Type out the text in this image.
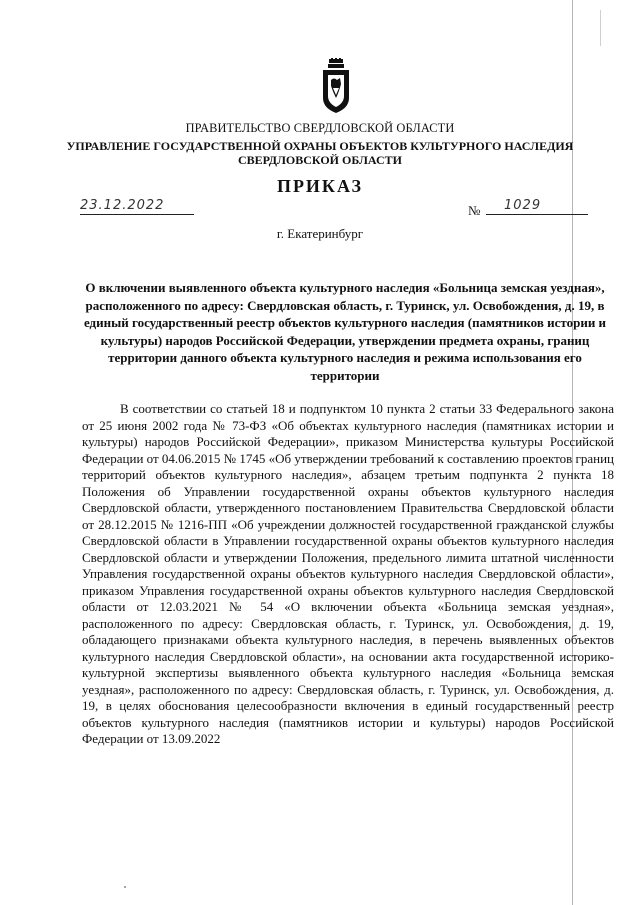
ПРАВИТЕЛЬСТВО СВЕРДЛОВСКОЙ ОБЛАСТИ
УПРАВЛЕНИЕ ГОСУДАРСТВЕННОЙ ОХРАНЫ ОБЪЕКТОВ КУЛЬТУРНОГО НАСЛЕДИЯ
СВЕРДЛОВСКОЙ ОБЛАСТИ
ПРИКАЗ
23.12.2022	№ 1029
г. Екатеринбург
О включении выявленного объекта культурного наследия «Больница земская уездная», расположенного по адресу: Свердловская область, г. Туринск, ул. Освобождения, д. 19, в единый государственный реестр объектов культурного наследия (памятников истории и культуры) народов Российской Федерации, утверждении предмета охраны, границ территории данного объекта культурного наследия и режима использования его территории
В соответствии со статьей 18 и подпунктом 10 пункта 2 статьи 33 Федерального закона от 25 июня 2002 года № 73-ФЗ «Об объектах культурного наследия (памятниках истории и культуры) народов Российской Федерации», приказом Министерства культуры Российской Федерации от 04.06.2015 № 1745 «Об утверждении требований к составлению проектов границ территорий объектов культурного наследия», абзацем третьим подпункта 2 пункта 18 Положения об Управлении государственной охраны объектов культурного наследия Свердловской области, утвержденного постановлением Правительства Свердловской области от 28.12.2015 № 1216-ПП «Об учреждении должностей государственной гражданской службы Свердловской области в Управлении государственной охраны объектов культурного наследия Свердловской области и утверждении Положения, предельного лимита штатной численности Управления государственной охраны объектов культурного наследия Свердловской области», приказом Управления государственной охраны объектов культурного наследия Свердловской области от 12.03.2021 № 54 «О включении объекта «Больница земская уездная», расположенного по адресу: Свердловская область, г. Туринск, ул. Освобождения, д. 19, обладающего признаками объекта культурного наследия, в перечень выявленных объектов культурного наследия Свердловской области», на основании акта государственной историко-культурной экспертизы выявленного объекта культурного наследия «Больница земская уездная», расположенного по адресу: Свердловская область, г. Туринск, ул. Освобождения, д. 19, в целях обоснования целесообразности включения в единый государственный реестр объектов культурного наследия (памятников истории и культуры) народов Российской Федерации от 13.09.2022
